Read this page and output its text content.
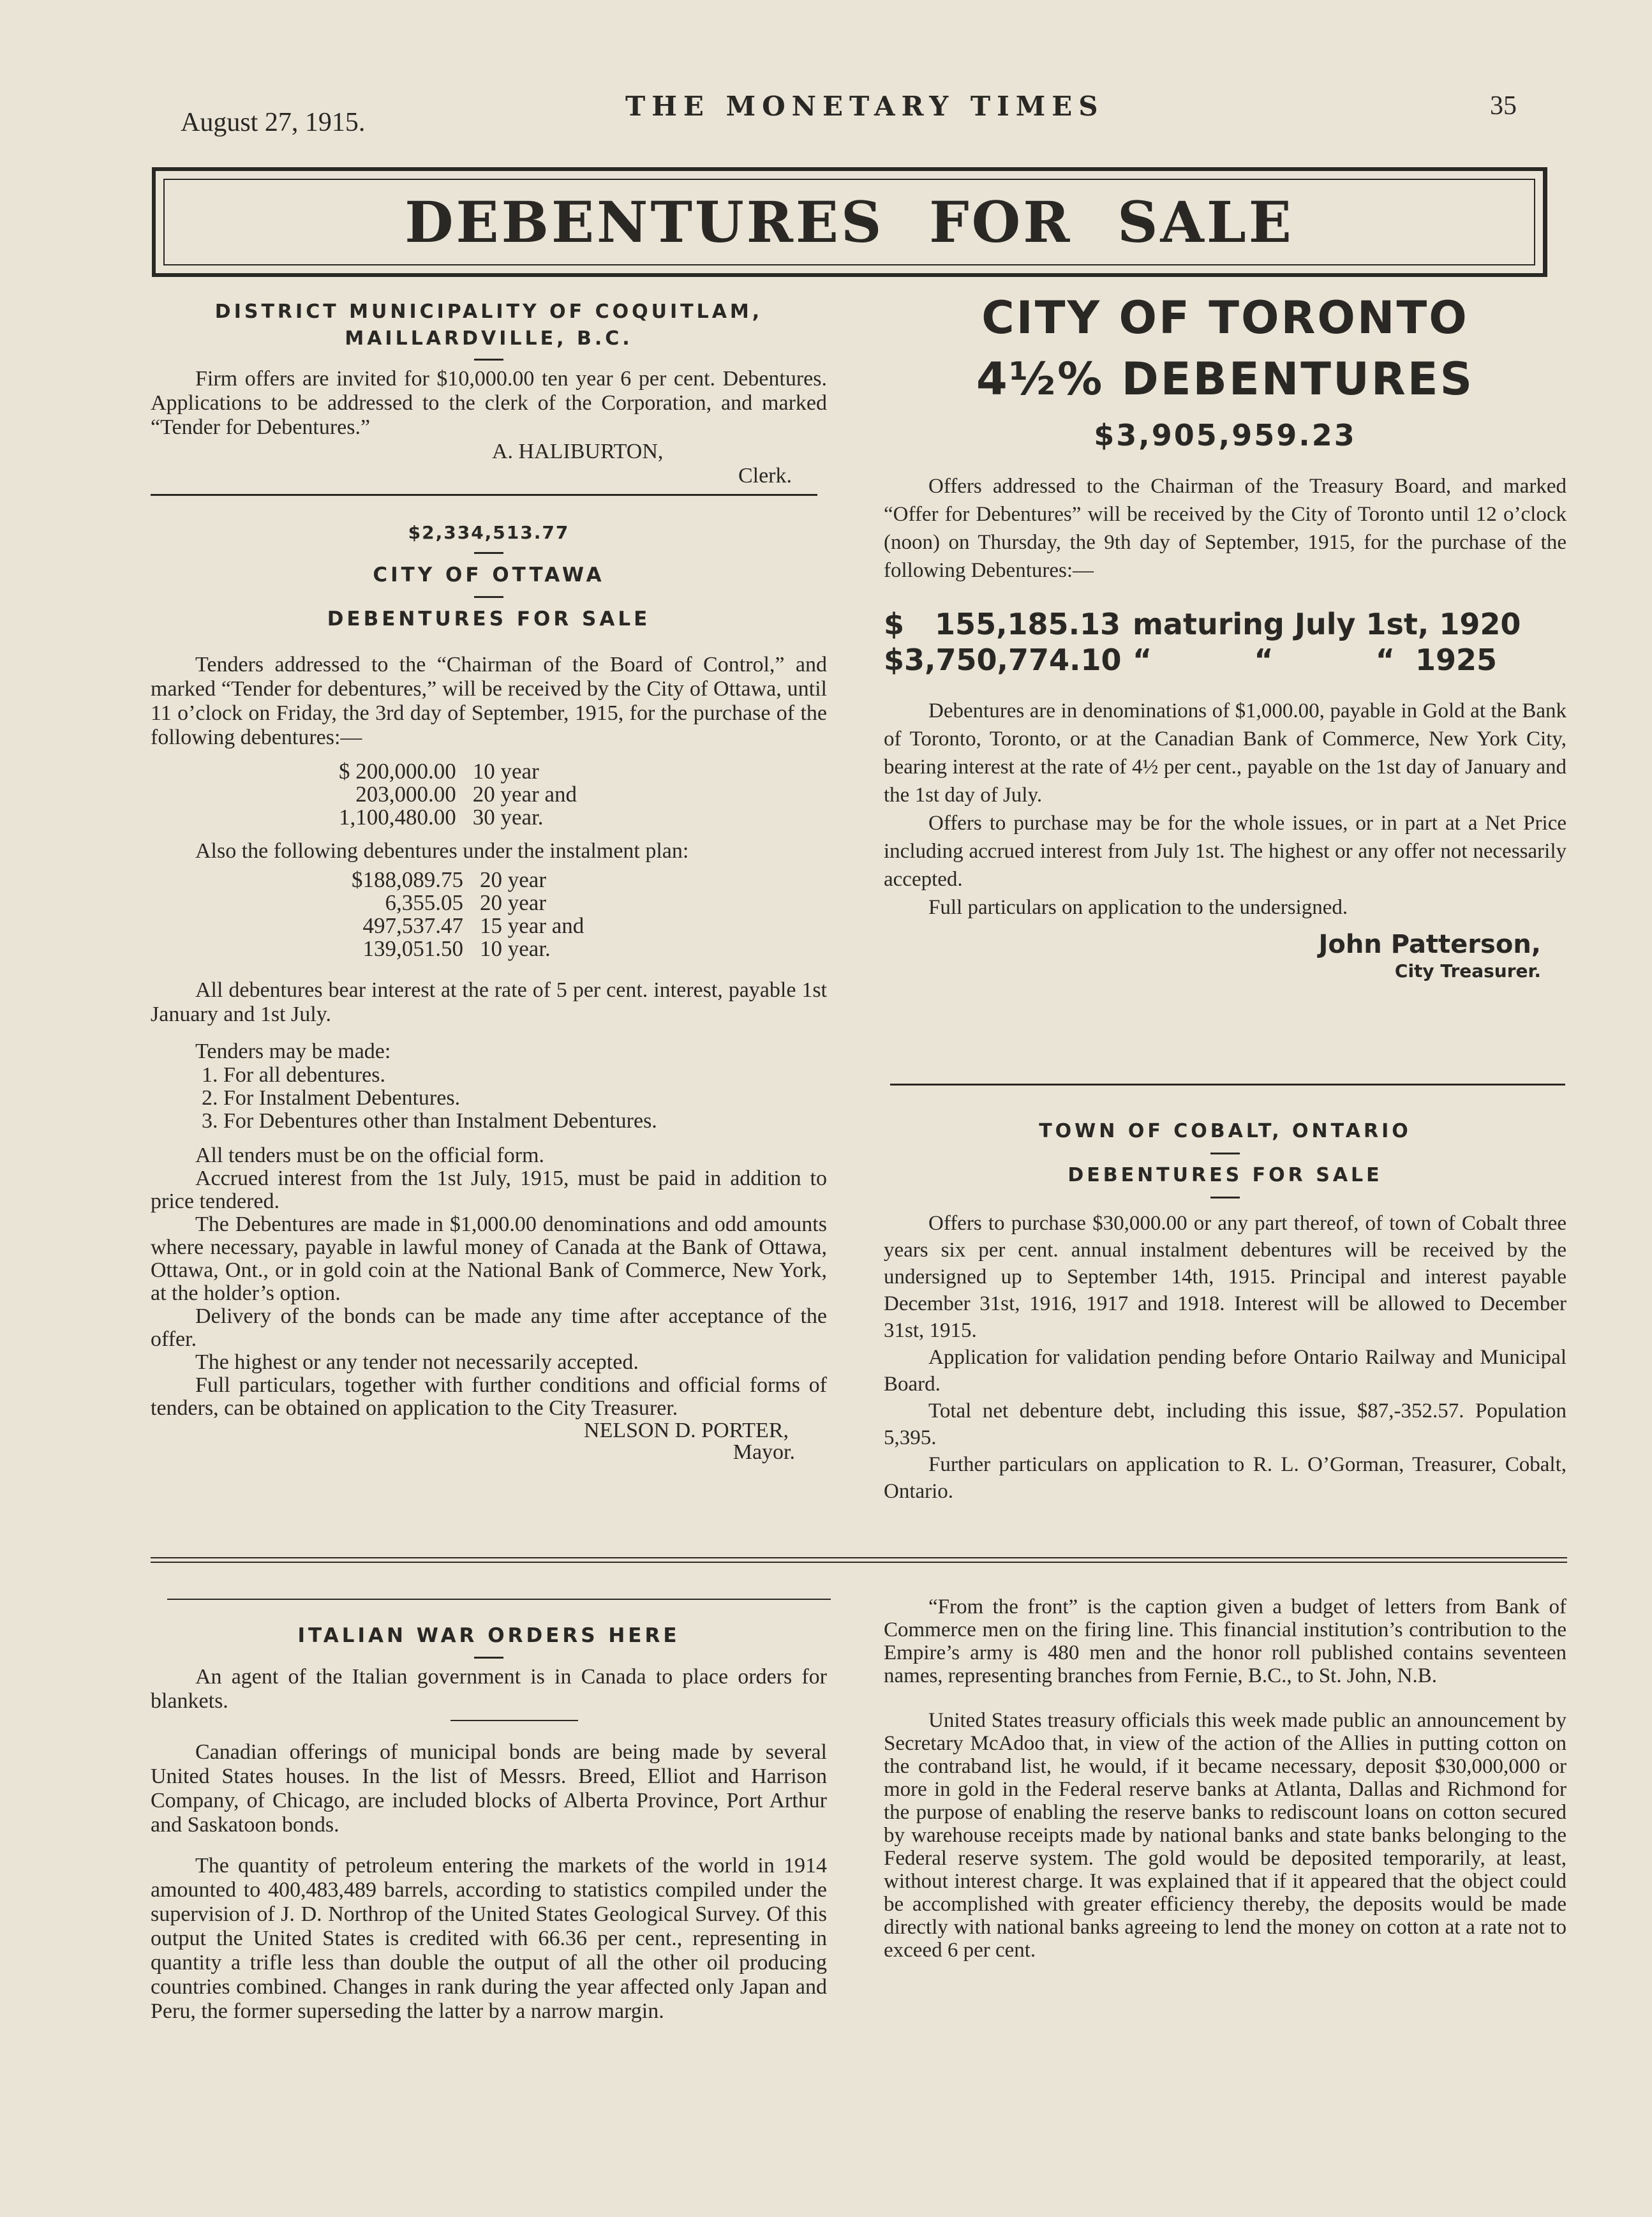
August 27, 1915.
THE MONETARY TIMES	35
DEBENTURES FOR SALE
DISTRICT MUNICIPALITY OF COQUITLAM,
MAILLARDVILLE, B.C.

Firm offers are invited for $10,000.00 ten year 6 per cent. Debentures. Applications to be addressed to the clerk of the Corporation, and marked “Tender for Debentures.”

A. HALIBURTON,

Clerk.

$2,334,513.77
CITY OF OTTAWA
DEBENTURES FOR SALE

Tenders addressed to the “Chairman of the Board of Control,” and marked “Tender for debentures,” will be received by the City of Ottawa, until 11 o’clock on Friday, the 3rd day of September, 1915, for the purchase of the following debentures:—

$ 200,000.00	10 year
203,000.00	20 year and
1,100,480.00	30 year.

Also the following debentures under the instalment plan:

$188,089.75	20 year
6,355.05	20 year
497,537.47	15 year and
139,051.50	10 year.

All debentures bear interest at the rate of 5 per cent. interest, payable 1st January and 1st July.

Tenders may be made:

1. For all debentures.

2. For Instalment Debentures.

3. For Debentures other than Instalment Debentures.

All tenders must be on the official form.

Accrued interest from the 1st July, 1915, must be paid in addition to price tendered.

The Debentures are made in $1,000.00 denominations and odd amounts where necessary, payable in lawful money of Canada at the Bank of Ottawa, Ottawa, Ont., or in gold coin at the National Bank of Commerce, New York, at the holder’s option.

Delivery of the bonds can be made any time after acceptance of the offer.

The highest or any tender not necessarily accepted.

Full particulars, together with further conditions and official forms of tenders, can be obtained on application to the City Treasurer.

NELSON D. PORTER,

Mayor.

CITY OF TORONTO
4½% DEBENTURES
$3,905,959.23

Offers addressed to the Chairman of the Treasury Board, and marked “Offer for Debentures” will be received by the City of Toronto until 12 o’clock (noon) on Thursday, the 9th day of September, 1915, for the purchase of the following Debentures:—

$   155,185.13 maturing July 1st, 1920
$3,750,774.10 “          “          “  1925

Debentures are in denominations of $1,000.00, payable in Gold at the Bank of Toronto, Toronto, or at the Canadian Bank of Commerce, New York City, bearing interest at the rate of 4½ per cent., payable on the 1st day of January and the 1st day of July.

Offers to purchase may be for the whole issues, or in part at a Net Price including accrued interest from July 1st. The highest or any offer not necessarily accepted.

Full particulars on application to the undersigned.

John Patterson,

City Treasurer.

TOWN OF COBALT, ONTARIO
DEBENTURES FOR SALE

Offers to purchase $30,000.00 or any part thereof, of town of Cobalt three years six per cent. annual instalment debentures will be received by the undersigned up to September 14th, 1915. Principal and interest payable December 31st, 1916, 1917 and 1918. Interest will be allowed to December 31st, 1915.

Application for validation pending before Ontario Railway and Municipal Board.

Total net debenture debt, including this issue, $87,-352.57. Population 5,395.

Further particulars on application to R. L. O’Gorman, Treasurer, Cobalt, Ontario.

ITALIAN WAR ORDERS HERE

An agent of the Italian government is in Canada to place orders for blankets.

Canadian offerings of municipal bonds are being made by several United States houses. In the list of Messrs. Breed, Elliot and Harrison Company, of Chicago, are included blocks of Alberta Province, Port Arthur and Saskatoon bonds.

The quantity of petroleum entering the markets of the world in 1914 amounted to 400,483,489 barrels, according to statistics compiled under the supervision of J. D. Northrop of the United States Geological Survey. Of this output the United States is credited with 66.36 per cent., representing in quantity a trifle less than double the output of all the other oil producing countries combined. Changes in rank during the year affected only Japan and Peru, the former superseding the latter by a narrow margin.

“From the front” is the caption given a budget of letters from Bank of Commerce men on the firing line. This financial institution’s contribution to the Empire’s army is 480 men and the honor roll published contains seventeen names, representing branches from Fernie, B.C., to St. John, N.B.

United States treasury officials this week made public an announcement by Secretary McAdoo that, in view of the action of the Allies in putting cotton on the contraband list, he would, if it became necessary, deposit $30,000,000 or more in gold in the Federal reserve banks at Atlanta, Dallas and Richmond for the purpose of enabling the reserve banks to rediscount loans on cotton secured by warehouse receipts made by national banks and state banks belonging to the Federal reserve system. The gold would be deposited temporarily, at least, without interest charge. It was explained that if it appeared that the object could be accomplished with greater efficiency thereby, the deposits would be made directly with national banks agreeing to lend the money on cotton at a rate not to exceed 6 per cent.
